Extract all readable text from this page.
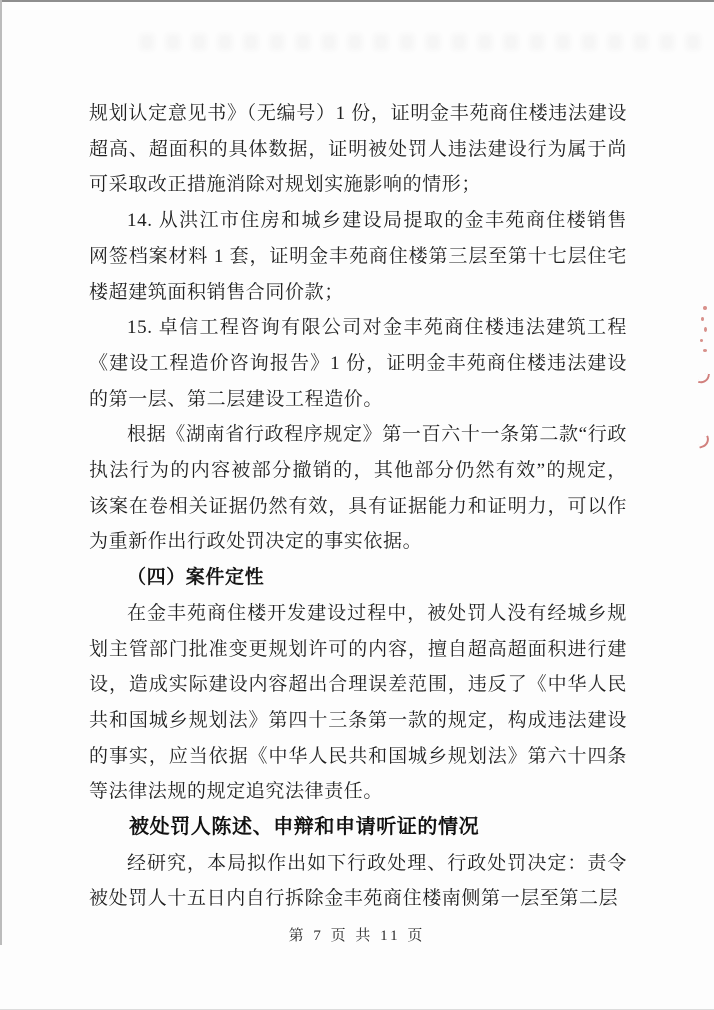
规划认定意见书》（无编号）1 份，证明金丰苑商住楼违法建设超高、超面积的具体数据，证明被处罚人违法建设行为属于尚可采取改正措施消除对规划实施影响的情形；

14. 从洪江市住房和城乡建设局提取的金丰苑商住楼销售网签档案材料 1 套，证明金丰苑商住楼第三层至第十七层住宅楼超建筑面积销售合同价款；

15. 卓信工程咨询有限公司对金丰苑商住楼违法建筑工程《建设工程造价咨询报告》1 份，证明金丰苑商住楼违法建设的第一层、第二层建设工程造价。

根据《湖南省行政程序规定》第一百六十一条第二款“行政执法行为的内容被部分撤销的，其他部分仍然有效”的规定，该案在卷相关证据仍然有效，具有证据能力和证明力，可以作为重新作出行政处罚决定的事实依据。

（四）案件定性

在金丰苑商住楼开发建设过程中，被处罚人没有经城乡规划主管部门批准变更规划许可的内容，擅自超高超面积进行建设，造成实际建设内容超出合理误差范围，违反了《中华人民共和国城乡规划法》第四十三条第一款的规定，构成违法建设的事实，应当依据《中华人民共和国城乡规划法》第六十四条等法律法规的规定追究法律责任。

被处罚人陈述、申辩和申请听证的情况

经研究，本局拟作出如下行政处理、行政处罚决定：责令被处罚人十五日内自行拆除金丰苑商住楼南侧第一层至第二层

第 7 页 共 11 页
